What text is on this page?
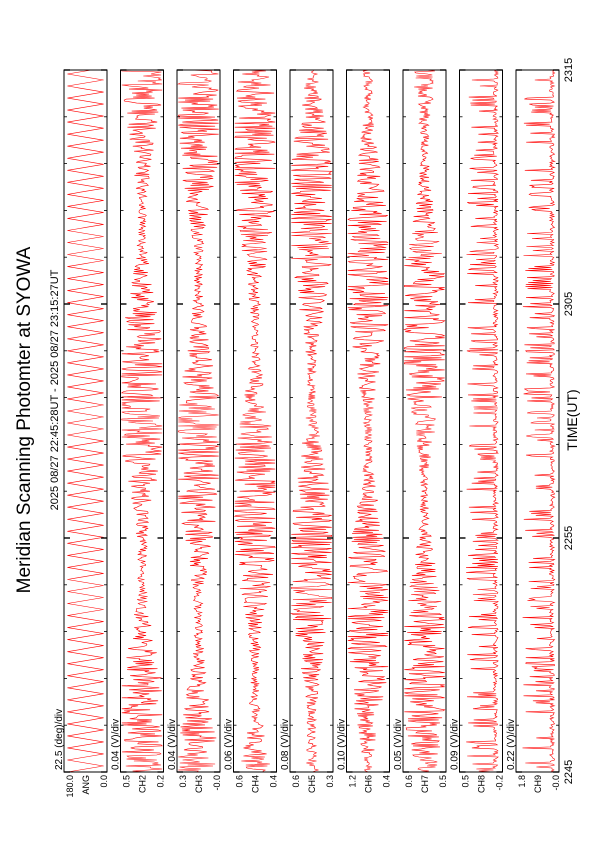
Meridian Scanning Photomter at SYOWA 2025 08/27 22:45:28UT - 2025 08/27 23:15:27UT	TIME(UT)
180.0 ANG 0.0
22.5 (deg)/div
0.5 CH2 0.2
0.04 (V)/div
0.3 CH3 -0.0
0.04 (V)/div
0.6 CH4 0.4
0.06 (V)/div
0.6 CH5 0.3
0.08 (V)/div
1.2 CH6 0.4
0.10 (V)/div
0.6 CH7 0.5
0.05 (V)/div
0.5 CH8 -0.2
0.09 (V)/div
1.8 CH9 -0.0
0.22 (V)/div
2245
2255
2305
2315
